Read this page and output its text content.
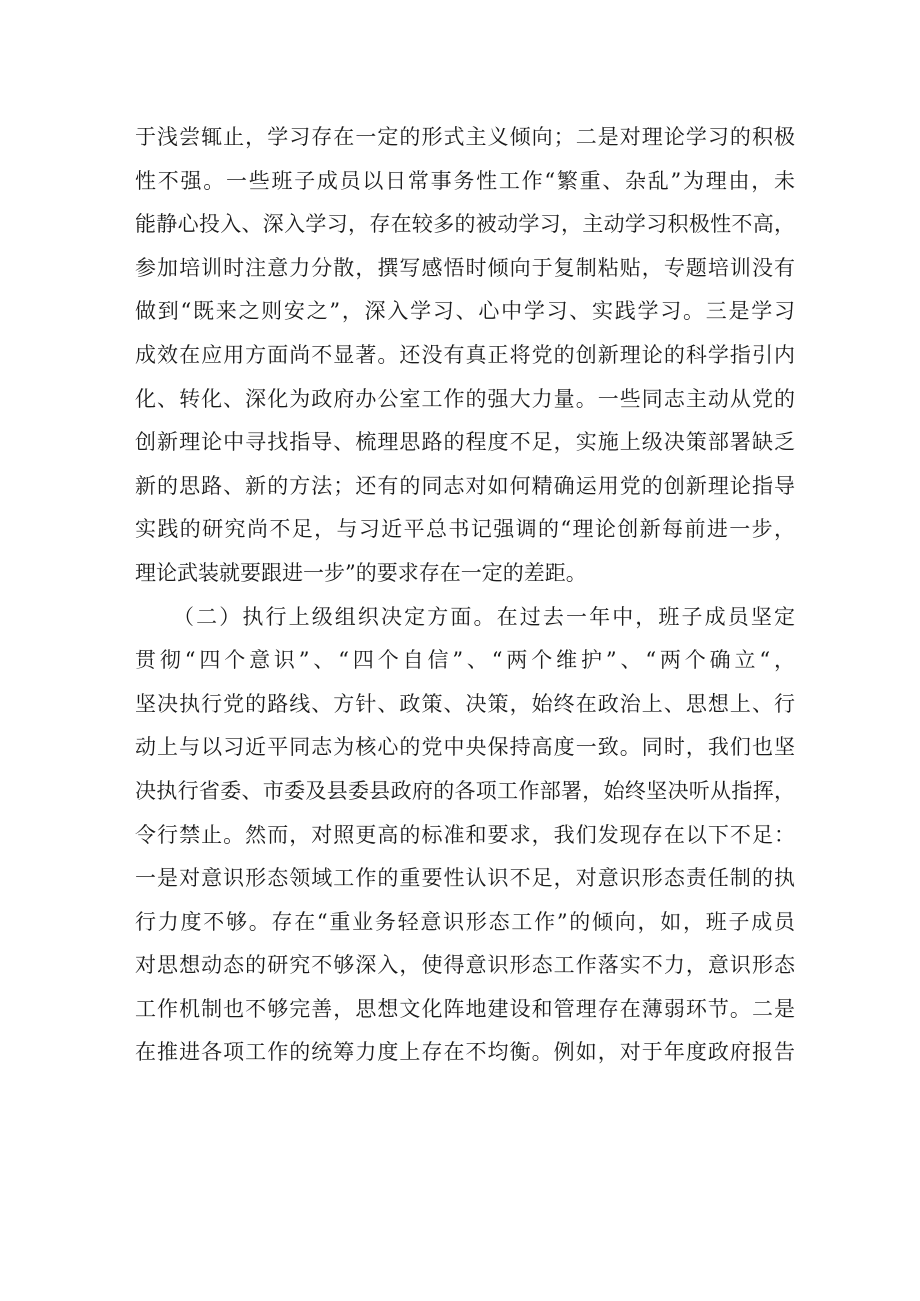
于浅尝辄止，学习存在一定的形式主义倾向；二是对理论学习的积极
性不强。一些班子成员以日常事务性工作“繁重、杂乱”为理由，未
能静心投入、深入学习，存在较多的被动学习，主动学习积极性不高，
参加培训时注意力分散，撰写感悟时倾向于复制粘贴，专题培训没有
做到“既来之则安之”，深入学习、心中学习、实践学习。三是学习
成效在应用方面尚不显著。还没有真正将党的创新理论的科学指引内
化、转化、深化为政府办公室工作的强大力量。一些同志主动从党的
创新理论中寻找指导、梳理思路的程度不足，实施上级决策部署缺乏
新的思路、新的方法；还有的同志对如何精确运用党的创新理论指导
实践的研究尚不足，与习近平总书记强调的“理论创新每前进一步，
理论武装就要跟进一步”的要求存在一定的差距。
（二）执行上级组织决定方面。在过去一年中，班子成员坚定
贯彻“四个意识”、“四个自信”、“两个维护”、“两个确立“，
坚决执行党的路线、方针、政策、决策，始终在政治上、思想上、行
动上与以习近平同志为核心的党中央保持高度一致。同时，我们也坚
决执行省委、市委及县委县政府的各项工作部署，始终坚决听从指挥，
令行禁止。然而，对照更高的标准和要求，我们发现存在以下不足：
一是对意识形态领域工作的重要性认识不足，对意识形态责任制的执
行力度不够。存在“重业务轻意识形态工作”的倾向，如，班子成员
对思想动态的研究不够深入，使得意识形态工作落实不力，意识形态
工作机制也不够完善，思想文化阵地建设和管理存在薄弱环节。二是
在推进各项工作的统筹力度上存在不均衡。例如，对于年度政府报告
